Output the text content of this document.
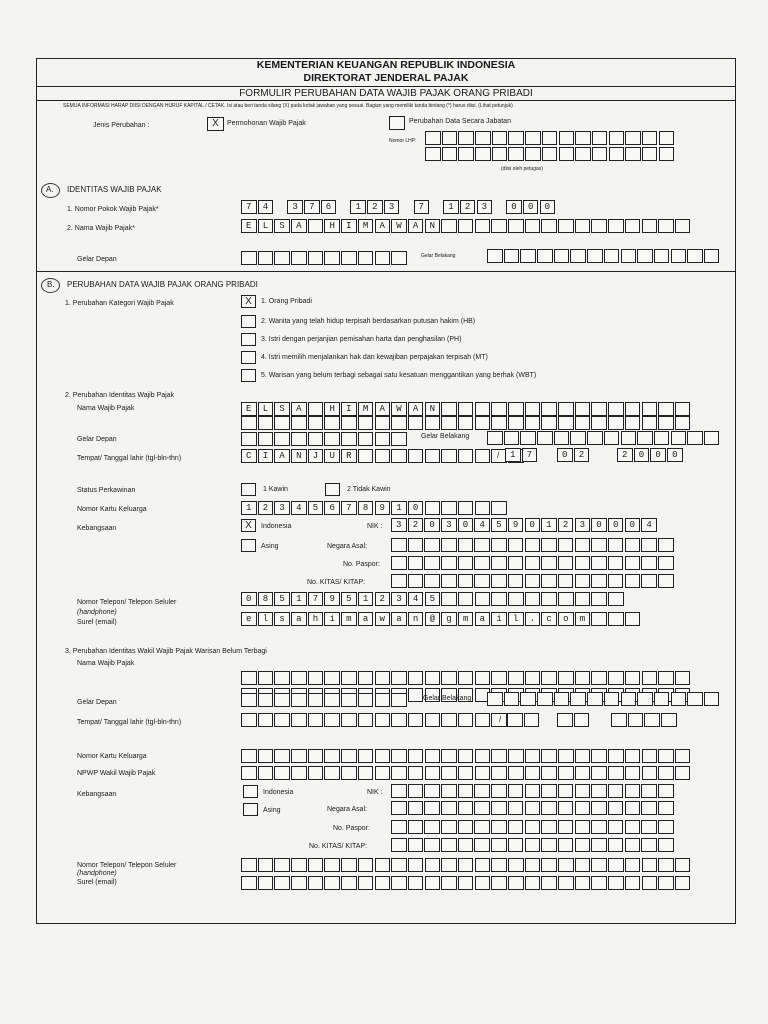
KEMENTERIAN KEUANGAN REPUBLIK INDONESIA
DIREKTORAT JENDERAL PAJAK
FORMULIR PERUBAHAN DATA WAJIB PAJAK ORANG PRIBADI
SEMUA INFORMASI HARAP DIISI DENGAN HURUF KAPITAL / CETAK. Isi atau beri tanda silang (X) pada kotak jawaban yang sesuai. Bagian yang memiliki tanda bintang (*) harus diisi. (Lihat petunjuk)
Jenis Perubahan :	X	Permohonan Wajib Pajak	Perubahan Data Secara Jabatan
Nomor LHP:
(diisi oleh petugas)
A. IDENTITAS WAJIB PAJAK
1. Nomor Pokok Wajib Pajak*	7	4	3	7	6	1	2	3	7	1	2	3	0	0	0
2. Nama Wajib Pajak*	E	L	S	A	H	I	M	A	W	A	N
Gelar Depan	Gelar Belakang
B. PERUBAHAN DATA WAJIB PAJAK ORANG PRIBADI
1. Perubahan Kategori Wajib Pajak	X	1. Orang Pribadi
2. Wanita yang telah hidup terpisah berdasarkan putusan hakim (HB)
3. Istri dengan perjanjian pemisahan harta dan penghasilan (PH)
4. Istri memilih menjalankan hak dan kewajiban perpajakan terpisah (MT)
5. Warisan yang belum terbagi sebagai satu kesatuan menggantikan yang berhak (WBT)
2. Perubahan Identitas Wajib Pajak
Nama Wajib Pajak	E	L	S	A	H	I	M	A	W	A	N
Gelar Depan	Gelar Belakang
Tempat/ Tanggal lahir (tgl-bln-thn)	C	I	A	N	J	U	R	/	1	7	0	2	2	0	0	0
Status Perkawinan	1 Kawin	2 Tidak Kawin
Nomor Kartu Keluarga	1	2	3	4	5	6	7	8	9	1	0
Kebangsaan	X	Indonesia	NIK :	3	2	0	3	0	4	5	9	0	1	2	3	0	0	0	4
Asing	Negara Asal:
No. Paspor:
No. KITAS/ KITAP:
Nomor Telepon/ Telepon Seluler
(handphone)
0	8	5	1	7	9	5	1	2	3	4	5
Surel (email)	e	l	s	a	h	i	m	a	w	a	n	@	g	m	a	i	l	.	c	o	m
3. Perubahan Identitas Wakil Wajib Pajak Warisan Belum Terbagi
Nama Wajib Pajak
Gelar Depan
Gelar Belakang
Tempat/ Tanggal lahir (tgl-bln-thn)	/
Nomor Kartu Keluarga
NPWP Wakil Wajib Pajak
Kebangsaan	Indonesia	NIK :
Asing	Negara Asal:
No. Paspor:
No. KITAS/ KITAP:
Nomor Telepon/ Telepon Seluler
(handphone)
Surel (email)
